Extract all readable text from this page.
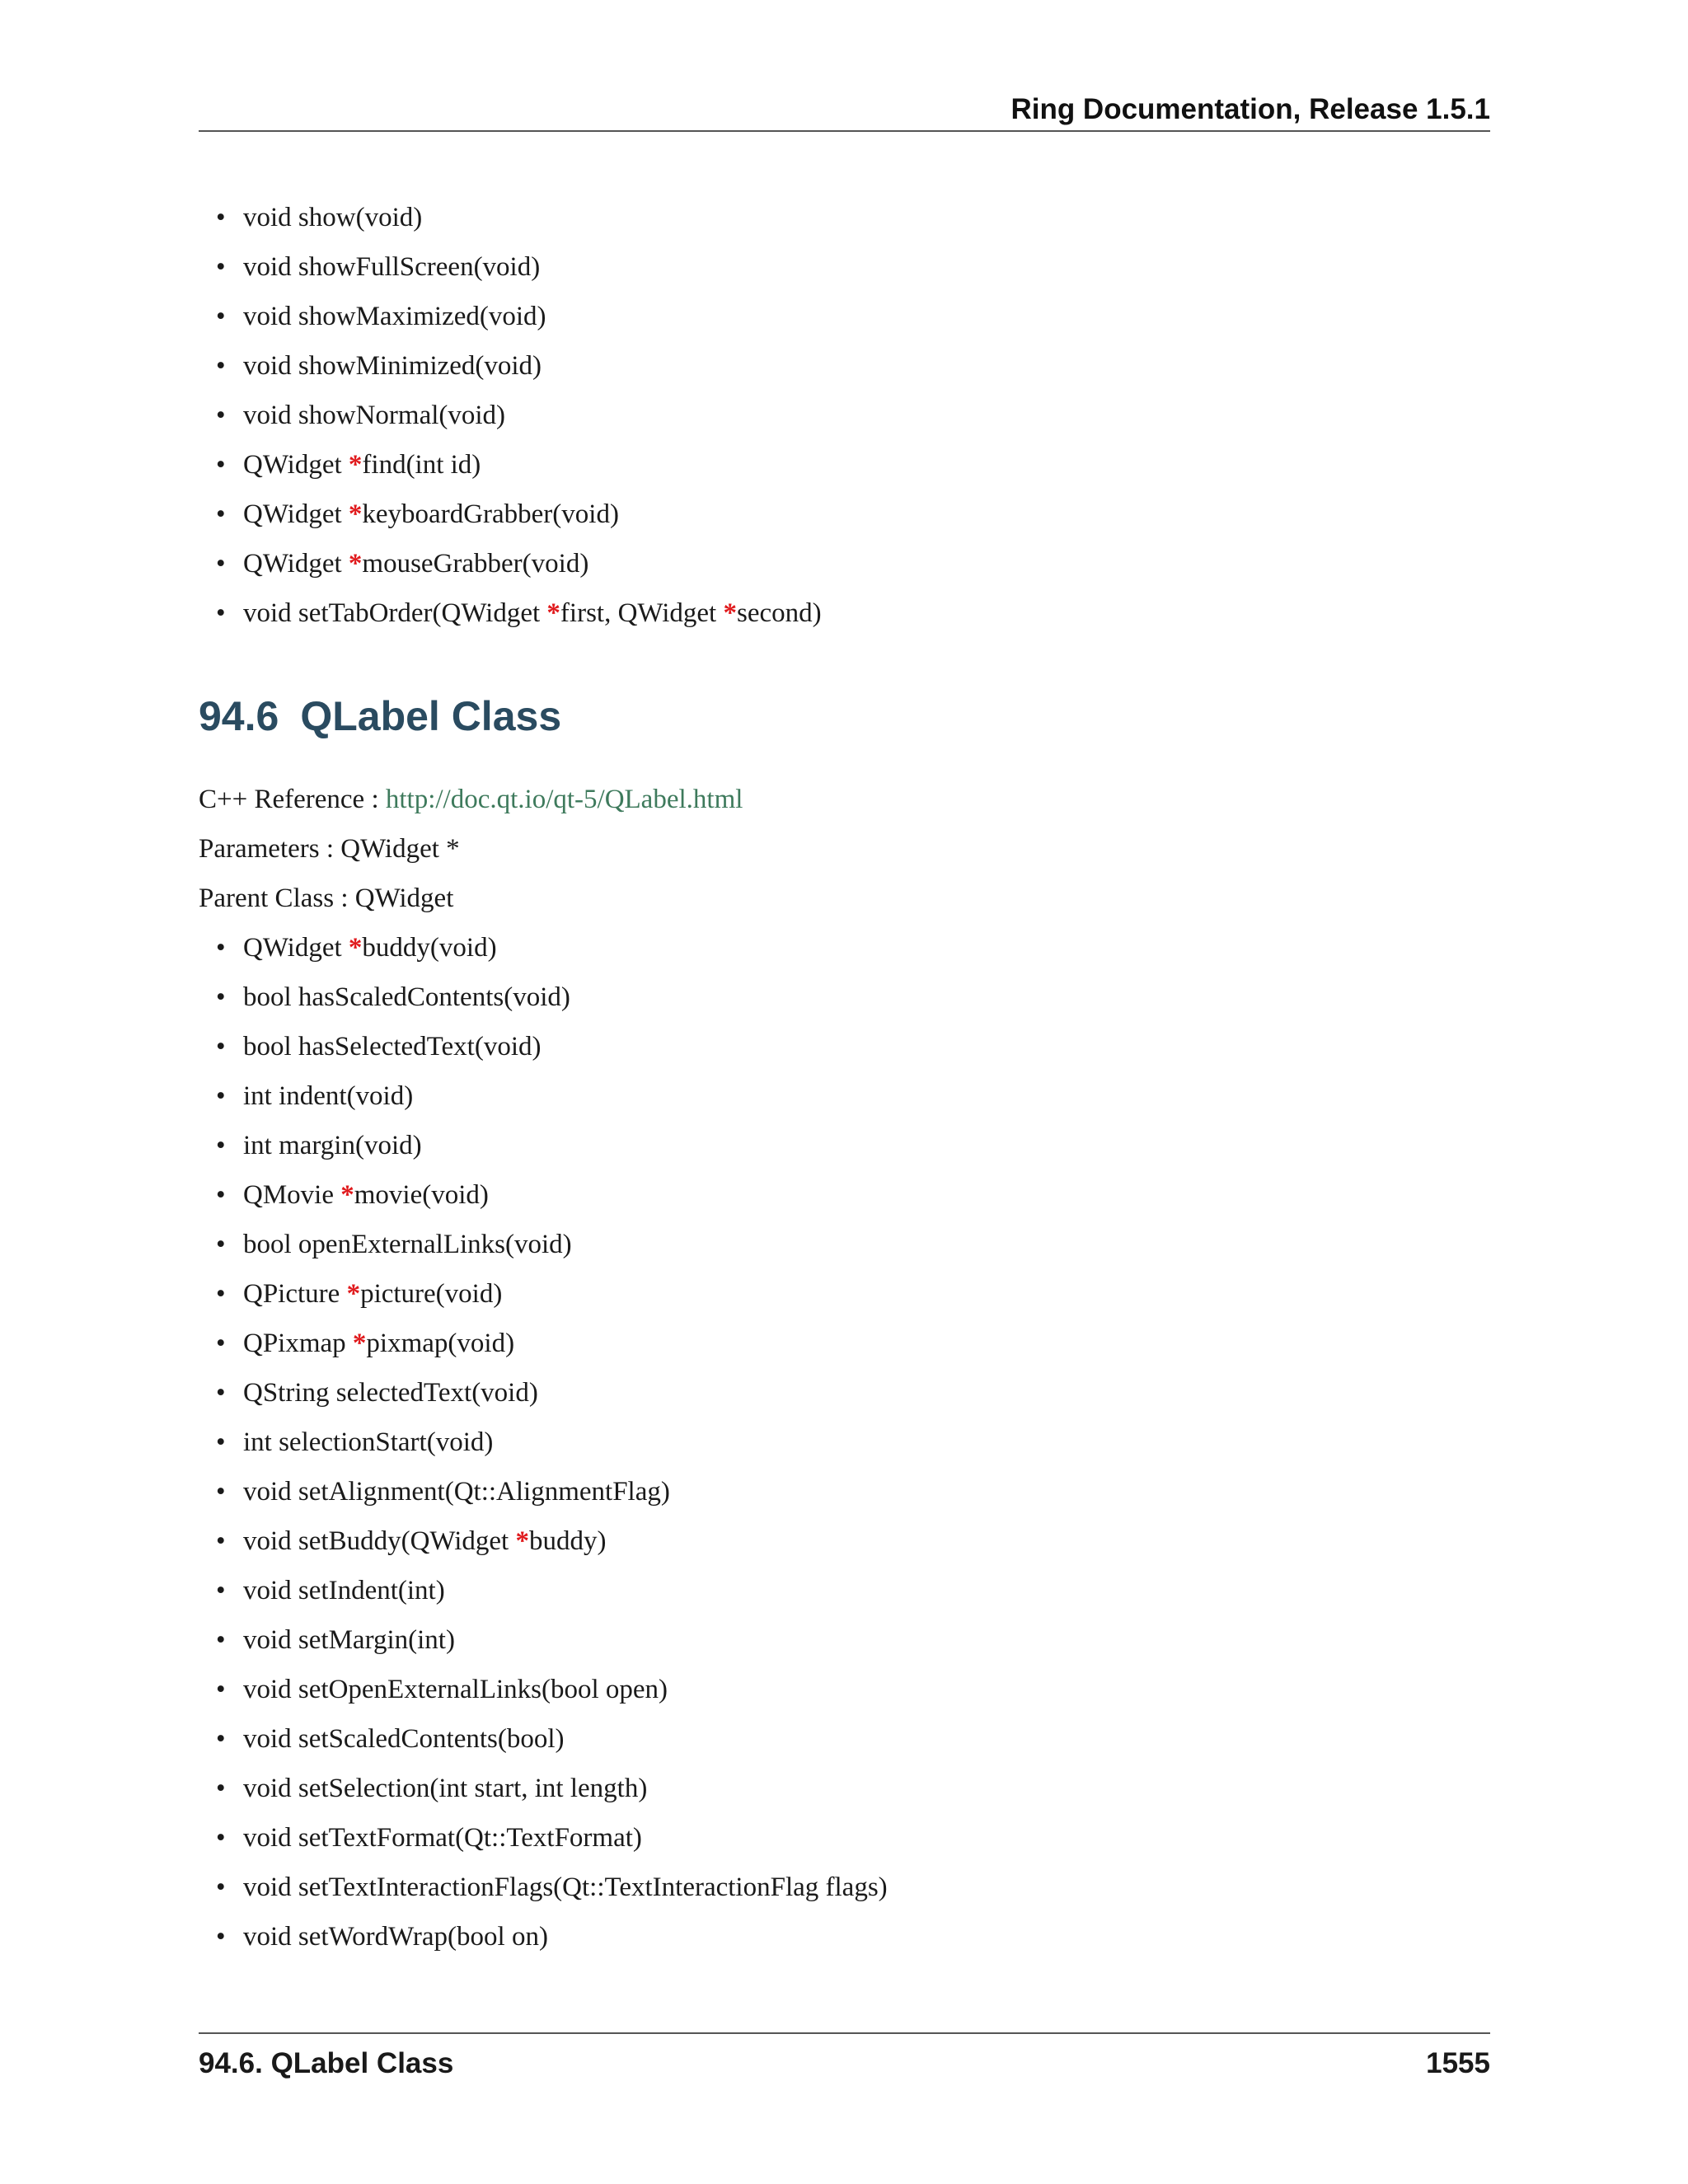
Ring Documentation, Release 1.5.1
• void show(void)
• void showFullScreen(void)
• void showMaximized(void)
• void showMinimized(void)
• void showNormal(void)
• QWidget *find(int id)
• QWidget *keyboardGrabber(void)
• QWidget *mouseGrabber(void)
• void setTabOrder(QWidget *first, QWidget *second)
94.6 QLabel Class
C++ Reference : http://doc.qt.io/qt-5/QLabel.html
Parameters : QWidget *
Parent Class : QWidget
• QWidget *buddy(void)
• bool hasScaledContents(void)
• bool hasSelectedText(void)
• int indent(void)
• int margin(void)
• QMovie *movie(void)
• bool openExternalLinks(void)
• QPicture *picture(void)
• QPixmap *pixmap(void)
• QString selectedText(void)
• int selectionStart(void)
• void setAlignment(Qt::AlignmentFlag)
• void setBuddy(QWidget *buddy)
• void setIndent(int)
• void setMargin(int)
• void setOpenExternalLinks(bool open)
• void setScaledContents(bool)
• void setSelection(int start, int length)
• void setTextFormat(Qt::TextFormat)
• void setTextInteractionFlags(Qt::TextInteractionFlag flags)
• void setWordWrap(bool on)
94.6. QLabel Class	1555
